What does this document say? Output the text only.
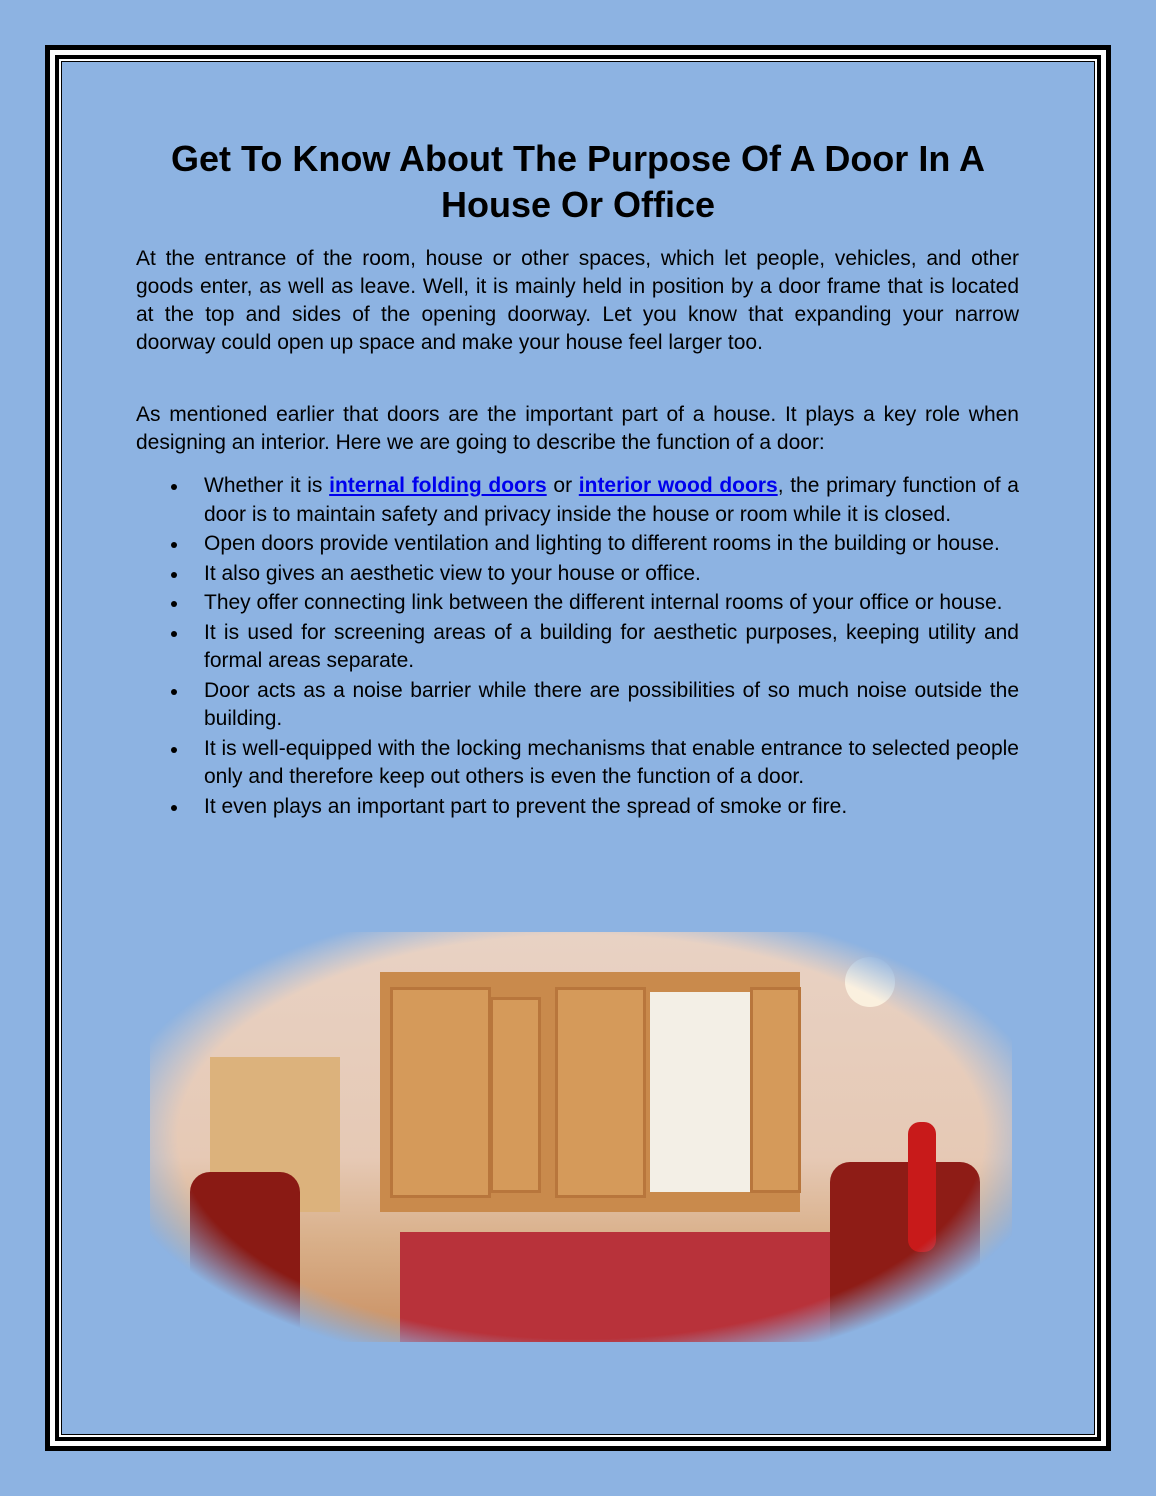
Get To Know About The Purpose Of A Door In A House Or Office

At the entrance of the room, house or other spaces, which let people, vehicles, and other goods enter, as well as leave. Well, it is mainly held in position by a door frame that is located at the top and sides of the opening doorway. Let you know that expanding your narrow doorway could open up space and make your house feel larger too.

As mentioned earlier that doors are the important part of a house. It plays a key role when designing an interior. Here we are going to describe the function of a door:

Whether it is internal folding doors or interior wood doors, the primary function of a door is to maintain safety and privacy inside the house or room while it is closed.
Open doors provide ventilation and lighting to different rooms in the building or house.
It also gives an aesthetic view to your house or office.
They offer connecting link between the different internal rooms of your office or house.
It is used for screening areas of a building for aesthetic purposes, keeping utility and formal areas separate.
Door acts as a noise barrier while there are possibilities of so much noise outside the building.
It is well-equipped with the locking mechanisms that enable entrance to selected people only and therefore keep out others is even the function of a door.
It even plays an important part to prevent the spread of smoke or fire.
